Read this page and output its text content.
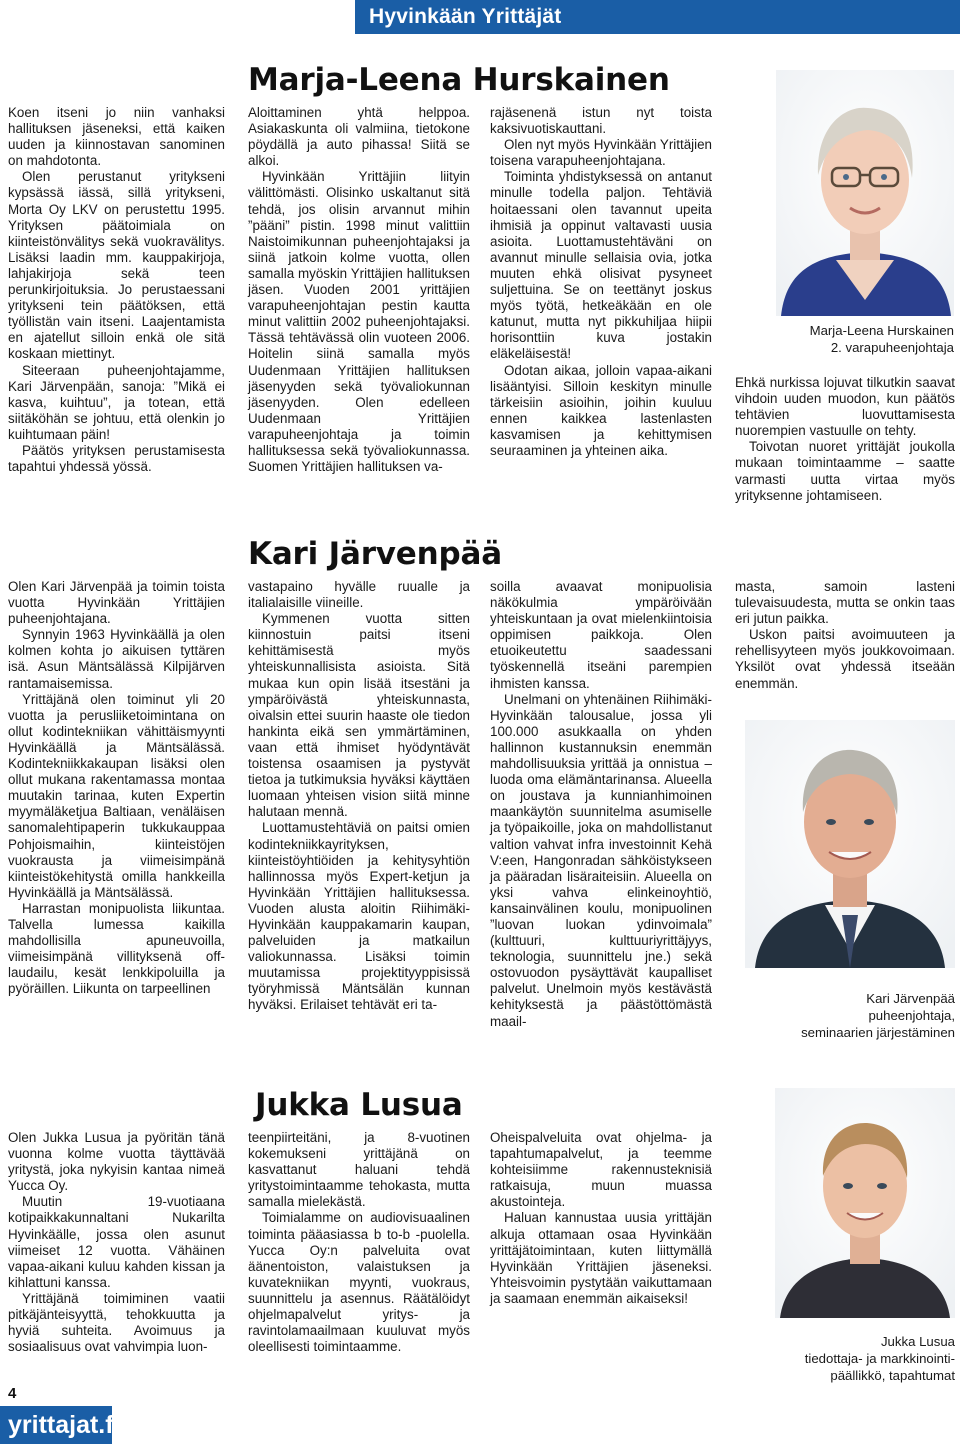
Hyvinkään Yrittäjät
Marja-Leena Hurskainen

Koen itseni jo niin vanhaksi hallituksen jäseneksi, että kaiken uuden ja kiinnostavan sanominen on mahdotonta.

Olen perustanut yritykseni kypsässä iässä, sillä yritykseni, Morta Oy LKV on perustettu 1995. Yrityksen päätoimiala on kiinteistönvälitys sekä vuokravälitys. Lisäksi laadin mm. kauppakirjoja, lahjakirjoja sekä teen perunkirjoituksia. Jo perustaessani yritykseni tein päätöksen, että työllistän vain itseni. Laajentamista en ajatellut silloin enkä ole sitä koskaan miettinyt.

Siteeraan puheenjohtajamme, Kari Järvenpään, sanoja: ”Mikä ei kasva, kuihtuu”, ja totean, että siitäköhän se johtuu, että olenkin jo kuihtumaan päin!

Päätös yrityksen perustamisesta tapahtui yhdessä yössä.

Aloittaminen yhtä helppoa. Asiakaskunta oli valmiina, tietokone pöydällä ja auto pihassa! Siitä se alkoi.

Hyvinkään Yrittäjiin liityin välittömästi. Olisinko uskaltanut sitä tehdä, jos olisin arvannut mihin ”pääni” pistin. 1998 minut valittiin Naistoimikunnan puheenjohtajaksi ja siinä jatkoin kolme vuotta, ollen samalla myöskin Yrittäjien hallituksen jäsen. Vuoden 2001 yrittäjien varapuheenjohtajan pestin kautta minut valittiin 2002 puheenjohtajaksi. Tässä tehtävässä olin vuoteen 2006. Hoitelin siinä samalla myös Uudenmaan Yrittäjien hallituksen jäsenyyden sekä työvaliokunnan jäsenyyden. Olen edelleen Uudenmaan Yrittäjien varapuheenjohtaja ja toimin hallituksessa sekä työvaliokunnassa. Suomen Yrittäjien hallituksen va-

rajäsenenä istun nyt toista kaksivuotiskauttani.

Olen nyt myös Hyvinkään Yrittäjien toisena varapuheenjohtajana.

Toiminta yhdistyksessä on antanut minulle todella paljon. Tehtäviä hoitaessani olen tavannut upeita ihmisiä ja oppinut valtavasti uusia asioita. Luottamustehtäväni on avannut minulle sellaisia ovia, jotka muuten ehkä olisivat pysyneet suljettuina. Se on teettänyt joskus myös työtä, hetkeäkään en ole katunut, mutta nyt pikkuhiljaa hiipii horisonttiin kuva jostakin eläkeläisestä!

Odotan aikaa, jolloin vapaa-aikani lisääntyisi. Silloin keskityn minulle tärkeisiin asioihin, joihin kuuluu ennen kaikkea lastenlasten kasvamisen ja kehittymisen seuraaminen ja yhteinen aika.

Marja-Leena Hurskainen
2. varapuheenjohtaja

Ehkä nurkissa lojuvat tilkutkin saavat vihdoin uuden muodon, kun päätös tehtävien luovuttamisesta nuorempien vastuulle on tehty.

Toivotan nuoret yrittäjät joukolla mukaan toimintaamme – saatte varmasti uutta virtaa myös yrityksenne johtamiseen.

Kari Järvenpää

Olen Kari Järvenpää ja toimin toista vuotta Hyvinkään Yrittäjien puheenjohtajana.

Synnyin 1963 Hyvinkäällä ja olen kolmen kohta jo aikuisen tyttären isä. Asun Mäntsälässä Kilpijärven rantamaisemissa.

Yrittäjänä olen toiminut yli 20 vuotta ja perusliiketoimintana on ollut kodintekniikan vähittäismyynti Hyvinkäällä ja Mäntsälässä. Kodintekniikkakaupan lisäksi olen ollut mukana rakentamassa montaa muutakin tarinaa, kuten Expertin myymäläketjua Baltiaan, venäläisen sanomalehtipaperin tukkukauppaa Pohjoismaihin, kiinteistöjen vuokrausta ja viimeisimpänä kiinteistökehitystä omilla hankkeilla Hyvinkäällä ja Mäntsälässä.

Harrastan monipuolista liikuntaa. Talvella lumessa kaikilla mahdollisilla apuneuvoilla, viimeisimpänä villityksenä off-laudailu, kesät lenkkipoluilla ja pyöräillen. Liikunta on tarpeellinen

vastapaino hyvälle ruualle ja italialaisille viineille.

Kymmenen vuotta sitten kiinnostuin paitsi itseni kehittämisestä myös yhteiskunnallisista asioista. Sitä mukaa kun opin lisää itsestäni ja ympäröivästä yhteiskunnasta, oivalsin ettei suurin haaste ole tiedon hankinta eikä sen ymmärtäminen, vaan että ihmiset hyödyntävät toistensa osaamisen ja pystyvät tietoa ja tutkimuksia hyväksi käyttäen luomaan yhteisen vision siitä minne halutaan mennä.

Luottamustehtäviä on paitsi omien kodintekniikkayrityksen, kiinteistöyhtiöiden ja kehitysyhtiön hallinnossa myös Expert-ketjun ja Hyvinkään Yrittäjien hallituksessa. Vuoden alusta aloitin Riihimäki-Hyvinkään kauppakamarin kaupan, palveluiden ja matkailun valiokunnassa. Lisäksi toimin muutamissa projektityyppisissä työryhmissä Mäntsälän kunnan hyväksi. Erilaiset tehtävät eri ta-

soilla avaavat monipuolisia näkökulmia ympäröivään yhteiskuntaan ja ovat mielenkiintoisia oppimisen paikkoja. Olen etuoikeutettu saadessani työskennellä itseäni parempien ihmisten kanssa.

Unelmani on yhtenäinen Riihimäki-Hyvinkään talousalue, jossa yli 100.000 asukkaalla on yhden hallinnon kustannuksin enemmän mahdollisuuksia yrittää ja onnistua – luoda oma elämäntarinansa. Alueella on joustava ja kunnianhimoinen maankäytön suunnitelma asumiselle ja työpaikoille, joka on mahdollistanut valtion vahvat infra investoinnit Kehä V:een, Hangonradan sähköistykseen ja pääradan lisäraiteisiin. Alueella on yksi vahva elinkeinoyhtiö, kansainvälinen koulu, monipuolinen ”luovan luokan ydinvoimala” (kulttuuri, kulttuuriyrittäjyys, teknologia, suunnittelu jne.) sekä ostovuodon pysäyttävät kaupalliset palvelut. Unelmoin myös kestävästä kehityksestä ja päästöttömästä maail-

masta, samoin lasteni tulevaisuudesta, mutta se onkin taas eri jutun paikka.

Uskon paitsi avoimuuteen ja rehellisyyteen myös joukkovoimaan. Yksilöt ovat yhdessä itseään enemmän.

Kari Järvenpää
puheenjohtaja,
seminaarien järjestäminen
Jukka Lusua

Olen Jukka Lusua ja pyöritän tänä vuonna kolme vuotta täyttävää yritystä, joka nykyisin kantaa nimeä Yucca Oy.

Muutin 19-vuotiaana kotipaikkakunnaltani Nukarilta Hyvinkäälle, jossa olen asunut viimeiset 12 vuotta. Vähäinen vapaa-aikani kuluu kahden kissan ja kihlattuni kanssa.

Yrittäjänä toimiminen vaatii pitkäjänteisyyttä, tehokkuutta ja hyviä suhteita. Avoimuus ja sosiaalisuus ovat vahvimpia luon-

teenpiirteitäni, ja 8-vuotinen kokemukseni yrittäjänä on kasvattanut haluani tehdä yritystoimintaamme tehokasta, mutta samalla mielekästä.

Toimialamme on audiovisuaalinen toiminta pääasiassa b to-b -puolella. Yucca Oy:n palveluita ovat äänentoiston, valaistuksen ja kuvatekniikan myynti, vuokraus, suunnittelu ja asennus. Räätälöidyt ohjelmapalvelut yritys- ja ravintolamaailmaan kuuluvat myös oleellisesti toimintaamme.

Oheispalveluita ovat ohjelma- ja tapahtumapalvelut, ja teemme kohteisiimme rakennusteknisiä ratkaisuja, muun muassa akustointeja.

Haluan kannustaa uusia yrittäjän alkuja ottamaan osaa Hyvinkään yrittäjätoimintaan, kuten liittymällä Hyvinkään Yrittäjien jäseneksi. Yhteisvoimin pystytään vaikuttamaan ja saamaan enemmän aikaiseksi!

Jukka Lusua
tiedottaja- ja markkinointi-
päällikkö, tapahtumat
4
yrittajat.fi
